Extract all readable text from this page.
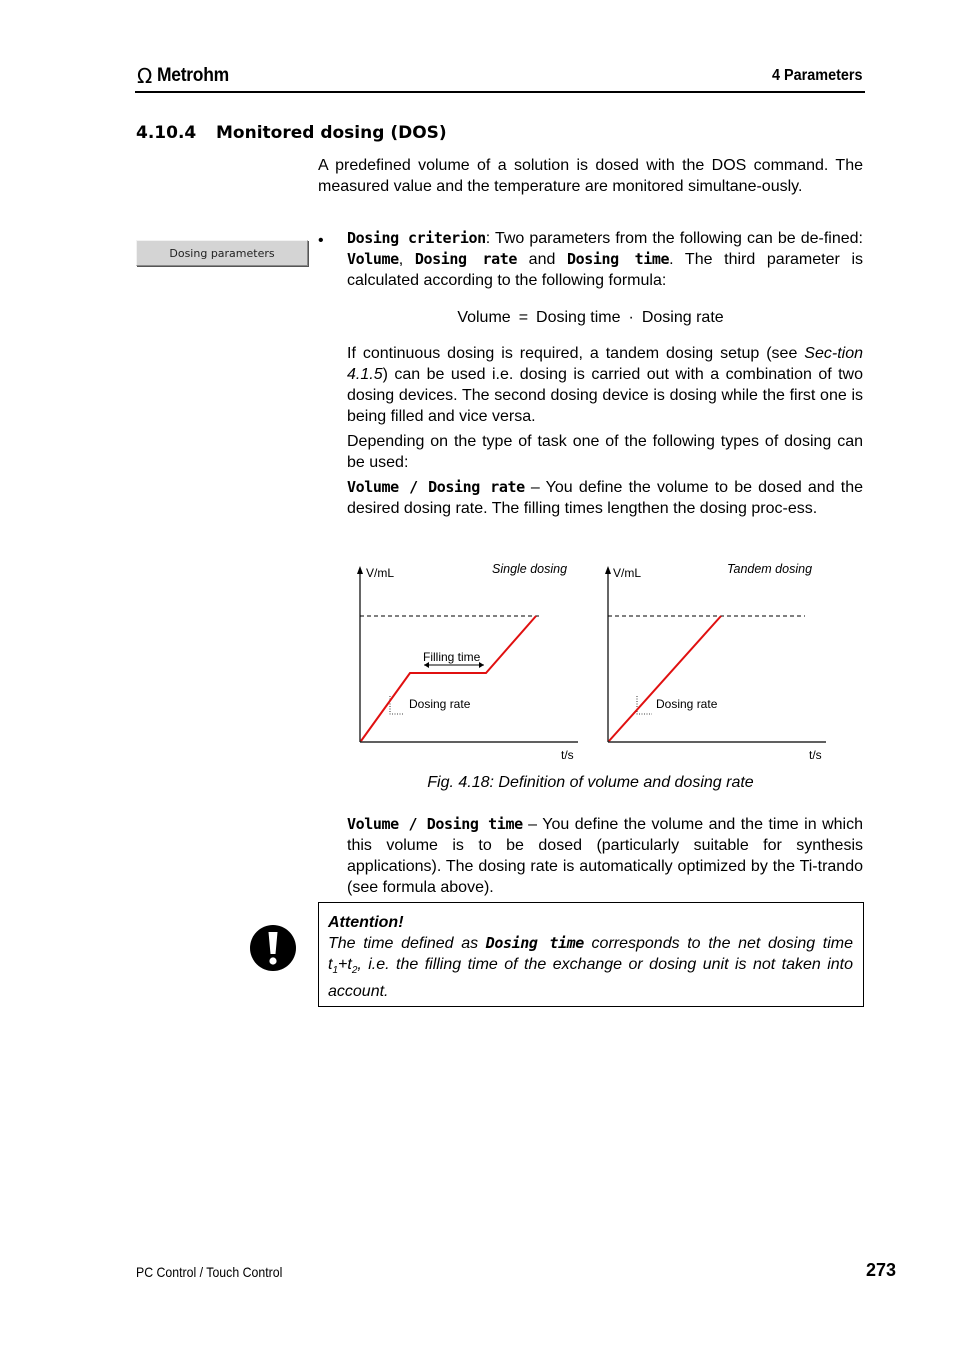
Ω Metrohm	4 Parameters
4.10.4 Monitored dosing (DOS)
A predefined volume of a solution is dosed with the DOS command. The measured value and the temperature are monitored simultane-ously.
Dosing parameters
• Dosing criterion: Two parameters from the following can be de-fined: Volume, Dosing rate and Dosing time. The third parameter is calculated according to the following formula:
Volume = Dosing time · Dosing rate
If continuous dosing is required, a tandem dosing setup (see Sec-tion 4.1.5) can be used i.e. dosing is carried out with a combination of two dosing devices. The second dosing device is dosing while the first one is being filled and vice versa.
Depending on the type of task one of the following types of dosing can be used:
Volume / Dosing rate – You define the volume to be dosed and the desired dosing rate. The filling times lengthen the dosing proc-ess.
V/mL	Single dosing
Filling time
Dosing rate
t/s
V/mL	Tandem dosing
Dosing rate
t/s
Fig. 4.18: Definition of volume and dosing rate
Volume / Dosing time – You define the volume and the time in which this volume is to be dosed (particularly suitable for synthesis applications). The dosing rate is automatically optimized by the Ti-trando (see formula above).
Attention!
The time defined as Dosing time corresponds to the net dosing time $t_1+t_2$, i.e. the filling time of the exchange or dosing unit is not taken into account.
PC Control / Touch Control	273
